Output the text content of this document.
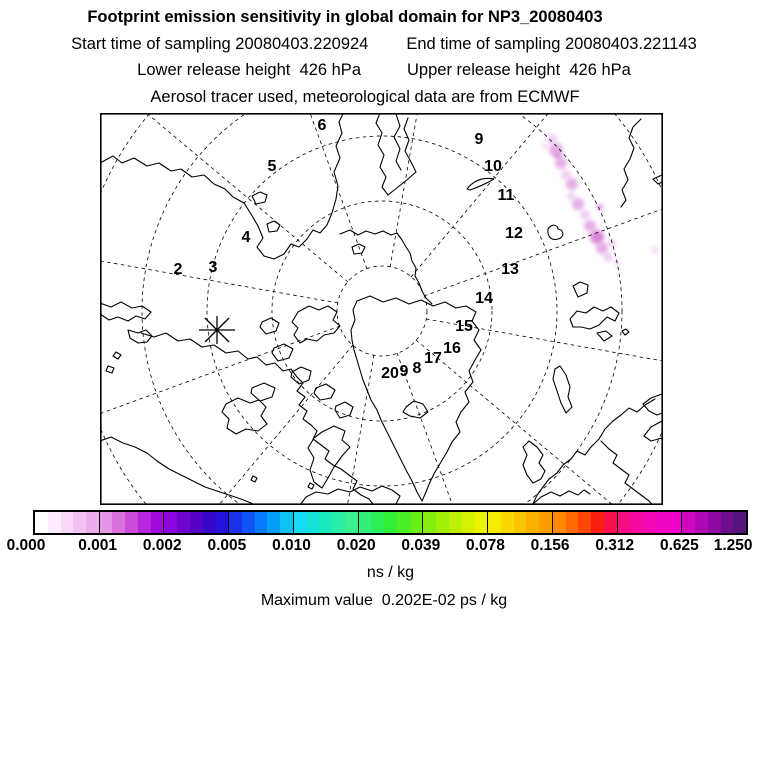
Footprint emission sensitivity in global domain for NP3_20080403
Start time of sampling 20080403.220924 End time of sampling 20080403.221143
Lower release height  426 hPa	Upper release height  426 hPa
Aerosol tracer used, meteorological data are from ECMWF
2 3
4
5
6
9
10
11
12
13
14
15
16
17
8
9
20
0.000 0.001 0.002 0.005 0.010 0.020 0.039 0.078 0.156 0.312 0.625 1.250
ns / kg
Maximum value  0.202E-02 ps / kg
